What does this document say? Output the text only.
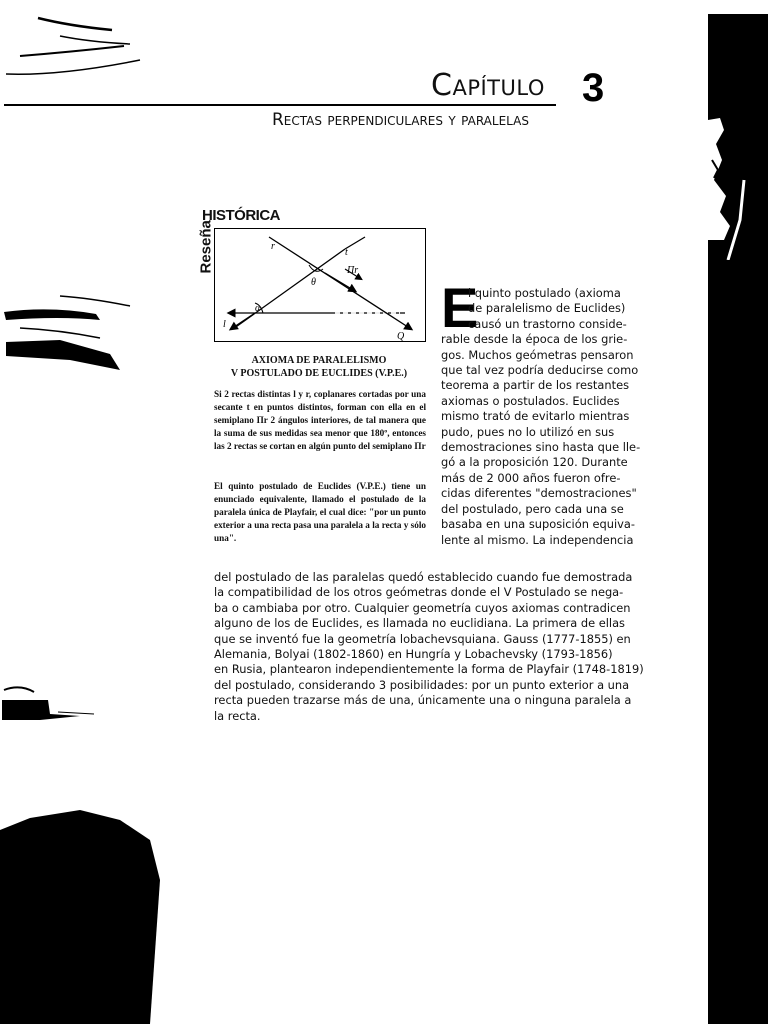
Capítulo 3
Rectas perpendiculares y paralelas
HISTÓRICA
Reseña	r
t
Πr
θ
α
l
Q
AXIOMA DE PARALELISMO
V POSTULADO DE EUCLIDES (V.P.E.)
Si 2 rectas distintas l y r, coplanares cortadas por una secante t en puntos distintos, forman con ella en el semiplano Πr 2 ángulos interiores, de tal manera que la suma de sus medidas sea menor que 180º, entonces las 2 rectas se cortan en algún punto del semiplano Πr
El quinto postulado de Euclides (V.P.E.) tiene un enunciado equivalente, llamado el postulado de la paralela única de Playfair, el cual dice: "por un punto exterior a una recta pasa una paralela a la recta y sólo una".
E
l quinto postulado (axioma
de paralelismo de Euclides)
causó un trastorno conside-
rable desde la época de los grie-
gos. Muchos geómetras pensaron
que tal vez podría deducirse como
teorema a partir de los restantes
axiomas o postulados. Euclides
mismo trató de evitarlo mientras
pudo, pues no lo utilizó en sus
demostraciones sino hasta que lle-
gó a la proposición 120. Durante
más de 2 000 años fueron ofre-
cidas diferentes "demostraciones"
del postulado, pero cada una se
basaba en una suposición equiva-
lente al mismo. La independencia
del postulado de las paralelas quedó establecido cuando fue demostrada
la compatibilidad de los otros geómetras donde el V Postulado se nega-
ba o cambiaba por otro. Cualquier geometría cuyos axiomas contradicen
alguno de los de Euclides, es llamada no euclidiana. La primera de ellas
que se inventó fue la geometría lobachevsquiana. Gauss (1777-1855) en
Alemania, Bolyai (1802-1860) en Hungría y Lobachevsky (1793-1856)
en Rusia, plantearon independientemente la forma de Playfair (1748-1819)
del postulado, considerando 3 posibilidades: por un punto exterior a una
recta pueden trazarse más de una, únicamente una o ninguna paralela a
la recta.
